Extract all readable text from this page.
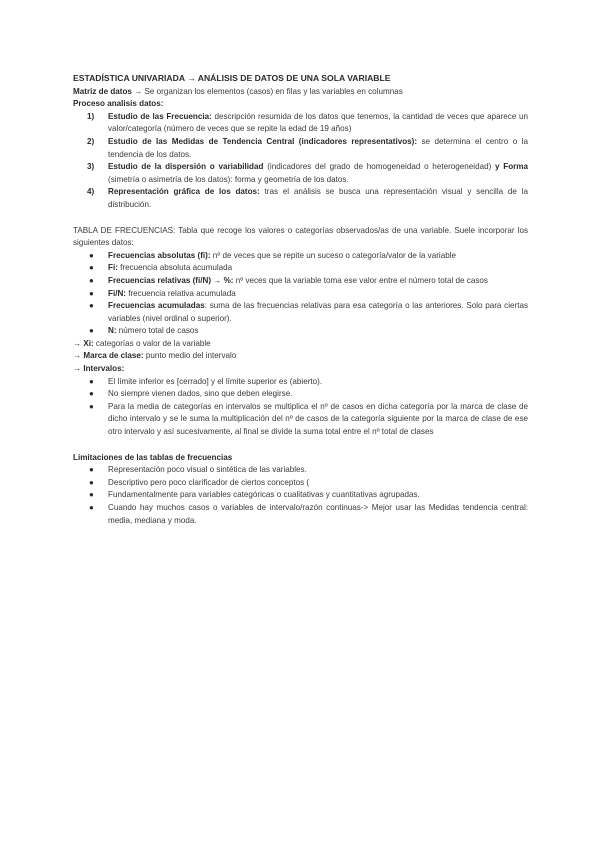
ESTADÍSTICA UNIVARIADA → ANÁLISIS DE DATOS DE UNA SOLA VARIABLE

Matriz de datos → Se organizan los elementos (casos) en filas y las variables en columnas

Proceso analisis datos:

1) Estudio de las Frecuencia: descripción resumida de los datos que tenemos, la cantidad de veces que aparece un valor/categoría (número de veces que se repite la edad de 19 años)
2) Estudio de las Medidas de Tendencia Central (indicadores representativos): se determina el centro o la tendencia de los datos.
3) Estudio de la dispersión o variabilidad (indicadores del grado de homogeneidad o heterogeneidad) y Forma (simetría o asimetría de los datos): forma y geometría de los datos.
4) Representación gráfica de los datos: tras el análisis se busca una representación visual y sencilla de la distribución.

TABLA DE FRECUENCIAS: Tabla que recoge los valores o categorías observados/as de una variable. Suele incorporar los siguientes datos:

● Frecuencias absolutas (fi): nº de veces que se repite un suceso o categoría/valor de la variable
● Fi: frecuencia absoluta acumulada
● Frecuencias relativas (fi/N) → %: nº veces que la variable toma ese valor entre el número total de casos
● Fi/N: frecuencia relativa acumulada
● Frecuencias acumuladas: suma de las frecuencias relativas para esa categoría o las anteriores. Solo para ciertas variables (nivel ordinal o superior).
● N: número total de casos

→ Xi: categorías o valor de la variable

→ Marca de clase: punto medio del intervalo

→ Intervalos:

● El límite inferior es [cerrado] y el límite superior es (abierto).
● No siempre vienen dados, sino que deben elegirse.
● Para la media de categorías en intervalos se multiplica el nº de casos en dicha categoría por la marca de clase de dicho intervalo y se le suma la multiplicación del nº de casos de la categoría siguiente por la marca de clase de ese otro intervalo y así sucesivamente, al final se divide la suma total entre el nº total de clases

Limitaciones de las tablas de frecuencias

● Representación poco visual o sintética de las variables.
● Descriptivo pero poco clarificador de ciertos conceptos (
● Fundamentalmente para variables categóricas o cualitativas y cuantitativas agrupadas.
● Cuando hay muchos casos o variables de intervalo/razón continuas-> Mejor usar las Medidas tendencia central: media, mediana y moda.
